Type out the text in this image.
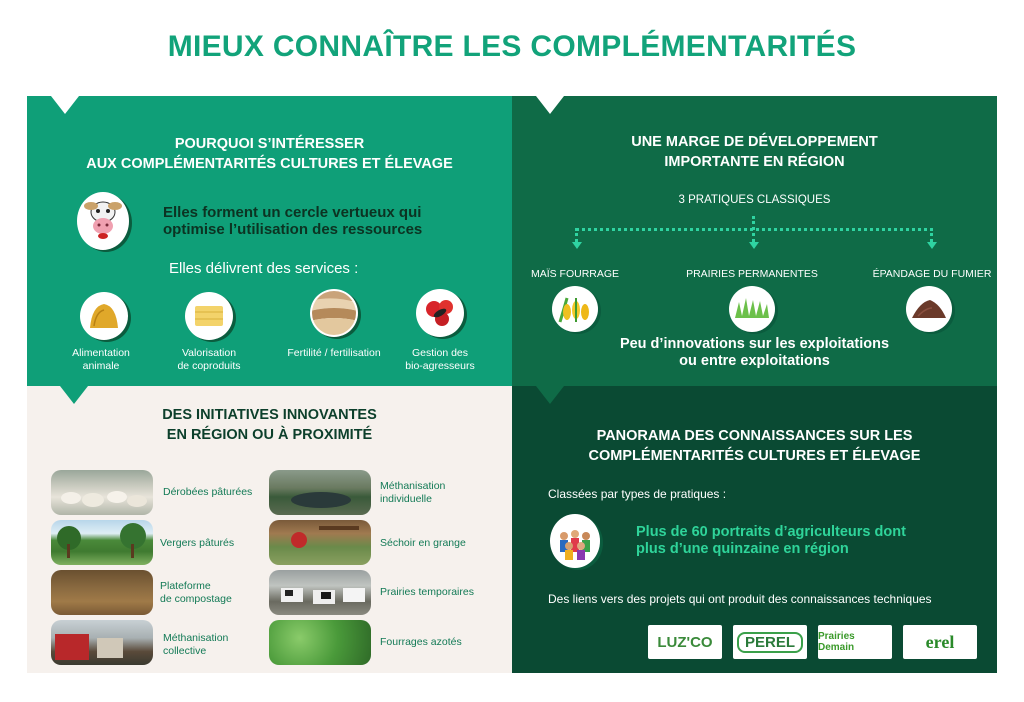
MIEUX CONNAÎTRE LES COMPLÉMENTARITÉS
POURQUOI S’INTÉRESSER
AUX COMPLÉMENTARITÉS CULTURES ET ÉLEVAGE
Elles forment un cercle vertueux qui
optimise l’utilisation des ressources
Elles délivrent des services :
Alimentation
animale
Valorisation
de coproduits
Fertilité / fertilisation	Gestion des
bio-agresseurs
UNE MARGE DE DÉVELOPPEMENT
IMPORTANTE EN RÉGION
3 PRATIQUES CLASSIQUES
MAÏS FOURRAGE	PRAIRIES PERMANENTES	ÉPANDAGE DU FUMIER
Peu d’innovations sur les exploitations
ou entre exploitations
DES INITIATIVES INNOVANTES
EN RÉGION OU À PROXIMITÉ
Dérobées pâturées
Vergers pâturés
Plateforme
de compostage
Méthanisation
collective
Méthanisation
individuelle
Séchoir en grange
Prairies temporaires
Fourrages azotés
PANORAMA DES CONNAISSANCES SUR LES
COMPLÉMENTARITÉS CULTURES ET ÉLEVAGE
Classées par types de pratiques :
Plus de 60 portraits d’agriculteurs dont
plus d’une quinzaine en région
Des liens vers des projets qui ont produit des connaissances techniques
LUZ'CO	PEREL	Prairies Demain	erel
